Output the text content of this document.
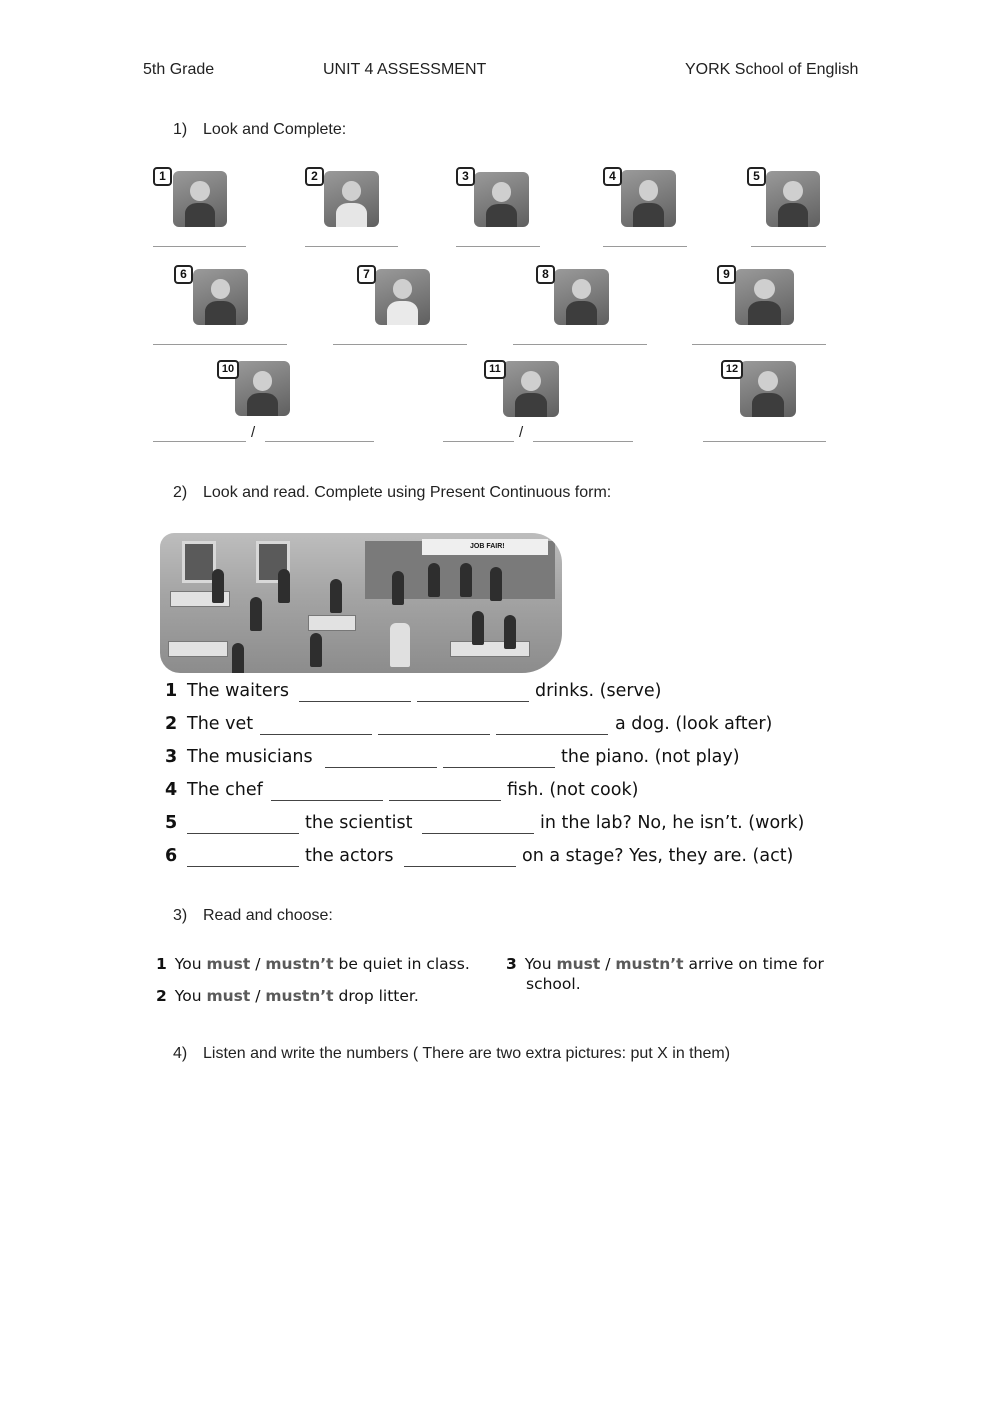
5th Grade	UNIT 4 ASSESSMENT	YORK School of English
1) Look and Complete:
1	2	3	4	5
6	7	8	9
10
/
11
/
12
2) Look and read. Complete using Present Continuous form:
JOB FAIR!
1 The waiters	drinks. (serve)
2 The vet	a dog. (look after)
3 The musicians	the piano. (not play)
4 The chef	fish. (not cook)
5	the scientist	in the lab? No, he isn’t. (work)
6	the actors	on a stage? Yes, they are. (act)
3) Read and choose:
1 You must / mustn’t be quiet in class.
2 You must / mustn’t drop litter.
3 You must / mustn’t arrive on time for
school.
4) Listen and write the numbers ( There are two extra pictures: put X in them)
